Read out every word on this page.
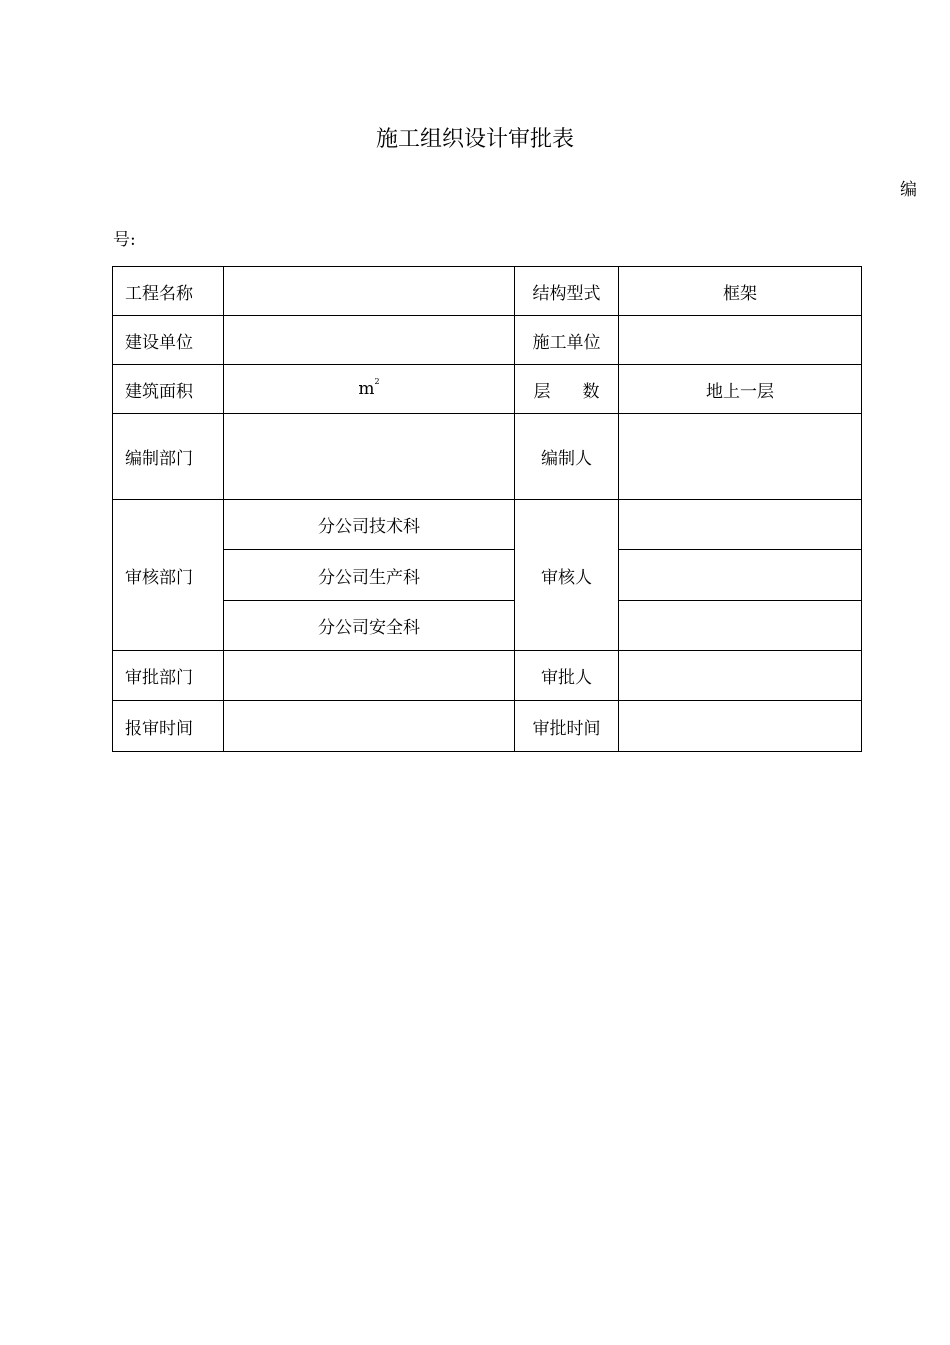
施工组织设计审批表
编
号:
工程名称		结构型式	框架
建设单位		施工单位	
建筑面积	$m^2$	层 数	地上一层
编制部门		编制人	
审核部门	分公司技术科	审核人	
	分公司生产科		
	分公司安全科		
审批部门		审批人	
报审时间		审批时间	
